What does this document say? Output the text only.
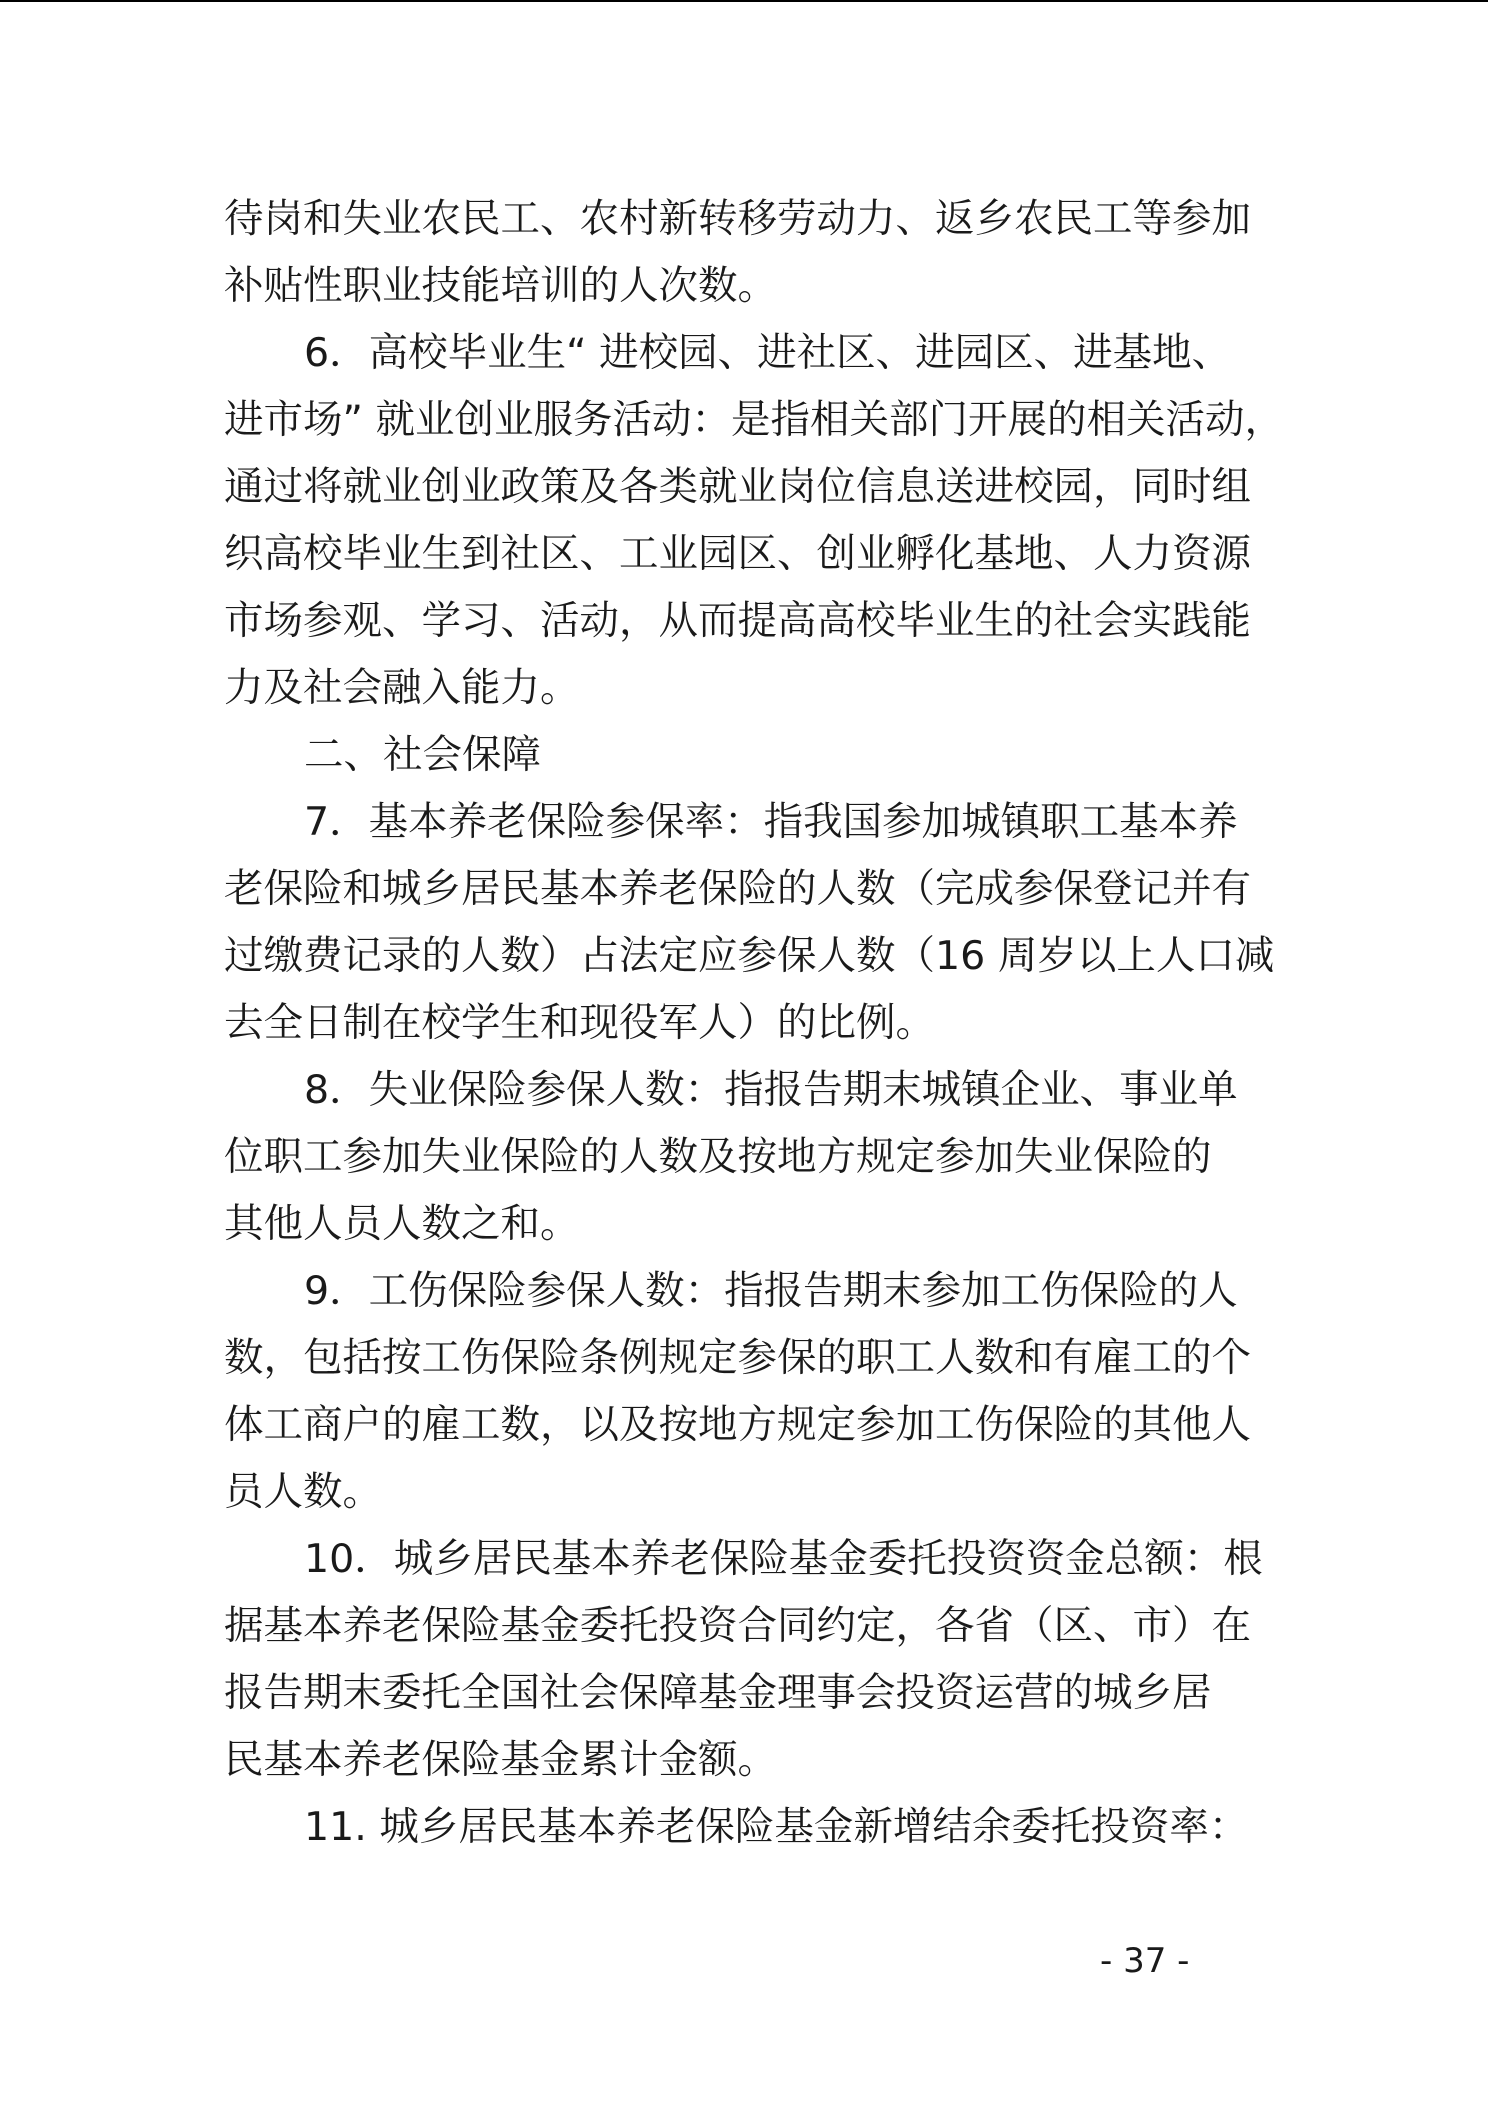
待岗和失业农民工、农村新转移劳动力、返乡农民工等参加
补贴性职业技能培训的人次数。
6．高校毕业生“ 进校园、进社区、进园区、进基地、
进市场” 就业创业服务活动：是指相关部门开展的相关活动，
通过将就业创业政策及各类就业岗位信息送进校园，同时组
织高校毕业生到社区、工业园区、创业孵化基地、人力资源
市场参观、学习、活动，从而提高高校毕业生的社会实践能
力及社会融入能力。
二、社会保障
7．基本养老保险参保率：指我国参加城镇职工基本养
老保险和城乡居民基本养老保险的人数（完成参保登记并有
过缴费记录的人数）占法定应参保人数（16 周岁以上人口减
去全日制在校学生和现役军人）的比例。
8．失业保险参保人数：指报告期末城镇企业、事业单
位职工参加失业保险的人数及按地方规定参加失业保险的
其他人员人数之和。
9．工伤保险参保人数：指报告期末参加工伤保险的人
数，包括按工伤保险条例规定参保的职工人数和有雇工的个
体工商户的雇工数，以及按地方规定参加工伤保险的其他人
员人数。
10．城乡居民基本养老保险基金委托投资资金总额：根
据基本养老保险基金委托投资合同约定，各省（区、市）在
报告期末委托全国社会保障基金理事会投资运营的城乡居
民基本养老保险基金累计金额。
11. 城乡居民基本养老保险基金新增结余委托投资率：
- 37 -
